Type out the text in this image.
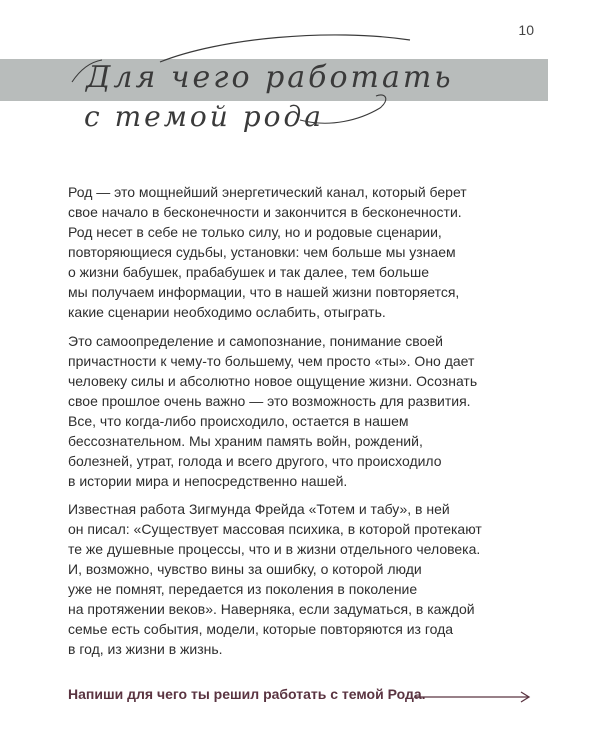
10
Для чего работать
с темой рода
Род — это мощнейший энергетический канал, который берет
свое начало в бесконечности и закончится в бесконечности.
Род несет в себе не только силу, но и родовые сценарии,
повторяющиеся судьбы, установки: чем больше мы узнаем
о жизни бабушек, прабабушек и так далее, тем больше
мы получаем информации, что в нашей жизни повторяется,
какие сценарии необходимо ослабить, отыграть.
Это самоопределение и самопознание, понимание своей
причастности к чему-то большему, чем просто «ты». Оно дает
человеку силы и абсолютно новое ощущение жизни. Осознать
свое прошлое очень важно — это возможность для развития.
Все, что когда-либо происходило, остается в нашем
бессознательном. Мы храним память войн, рождений,
болезней, утрат, голода и всего другого, что происходило
в истории мира и непосредственно нашей.
Известная работа Зигмунда Фрейда «Тотем и табу», в ней
он писал: «Существует массовая психика, в которой протекают
те же душевные процессы, что и в жизни отдельного человека.
И, возможно, чувство вины за ошибку, о которой люди
уже не помнят, передается из поколения в поколение
на протяжении веков». Наверняка, если задуматься, в каждой
семье есть события, модели, которые повторяются из года
в год, из жизни в жизнь.
Напиши для чего ты решил работать с темой Рода.
